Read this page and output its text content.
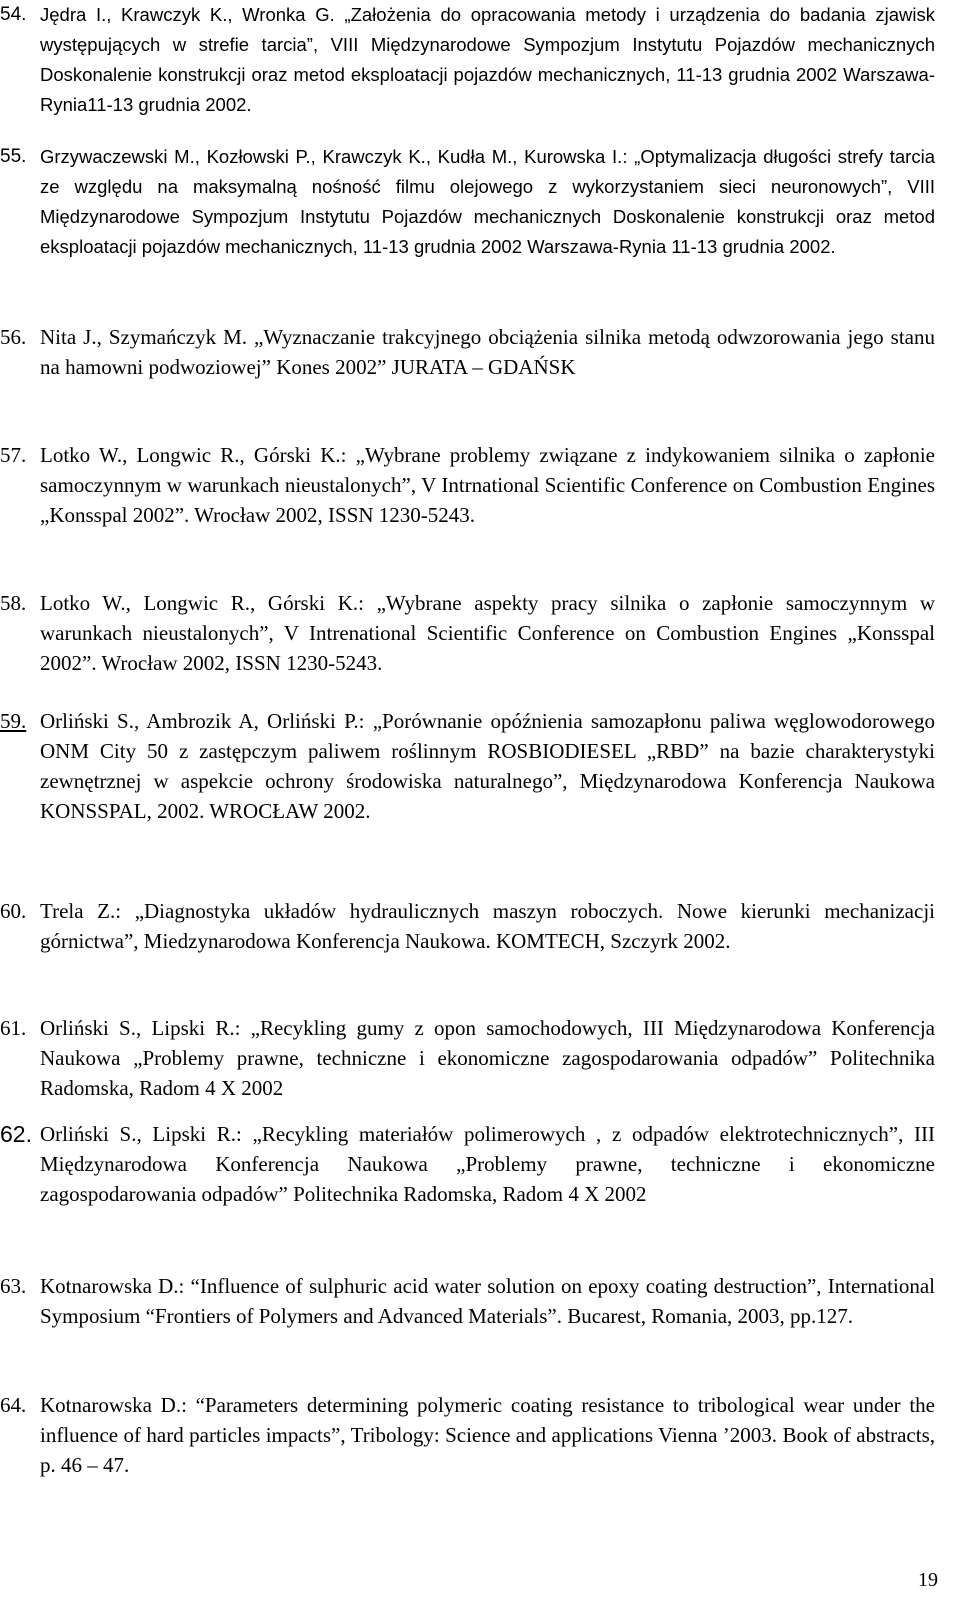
54. Jędra I., Krawczyk K., Wronka G. „Założenia do opracowania metody i urządzenia do badania zjawisk występujących w strefie tarcia”, VIII Międzynarodowe Sympozjum Instytutu Pojazdów mechanicznych Doskonalenie konstrukcji oraz metod eksploatacji pojazdów mechanicznych, 11-13 grudnia 2002 Warszawa-Rynia11-13 grudnia 2002.
55. Grzywaczewski M., Kozłowski P., Krawczyk K., Kudła M., Kurowska I.: „Optymalizacja długości strefy tarcia ze względu na maksymalną nośność filmu olejowego z wykorzystaniem sieci neuronowych”, VIII Międzynarodowe Sympozjum Instytutu Pojazdów mechanicznych Doskonalenie konstrukcji oraz metod eksploatacji pojazdów mechanicznych, 11-13 grudnia 2002 Warszawa-Rynia 11-13 grudnia 2002.
56. Nita J., Szymańczyk M. „Wyznaczanie trakcyjnego obciążenia silnika metodą odwzorowania jego stanu na hamowni podwoziowej” Kones 2002” JURATA – GDAŃSK
57. Lotko W., Longwic R., Górski K.: „Wybrane problemy związane z indykowaniem silnika o zapłonie samoczynnym w warunkach nieustalonych”, V Intrnational Scientific Conference on Combustion Engines „Konsspal 2002”. Wrocław 2002, ISSN 1230-5243.
58. Lotko W., Longwic R., Górski K.: „Wybrane aspekty pracy silnika o zapłonie samoczynnym w warunkach nieustalonych”, V Intrenational Scientific Conference on Combustion Engines „Konsspal 2002”. Wrocław 2002, ISSN 1230-5243.
59. Orliński S., Ambrozik A, Orliński P.: „Porównanie opóźnienia samozapłonu paliwa węglowodorowego ONM City 50 z zastępczym paliwem roślinnym ROSBIODIESEL „RBD” na bazie charakterystyki zewnętrznej w aspekcie ochrony środowiska naturalnego”, Międzynarodowa Konferencja Naukowa KONSSPAL, 2002. WROCŁAW 2002.
60. Trela Z.: „Diagnostyka układów hydraulicznych maszyn roboczych. Nowe kierunki mechanizacji górnictwa”, Miedzynarodowa Konferencja Naukowa. KOMTECH, Szczyrk 2002.
61. Orliński S., Lipski R.: „Recykling gumy z opon samochodowych, III Międzynarodowa Konferencja Naukowa „Problemy prawne, techniczne i ekonomiczne zagospodarowania odpadów” Politechnika Radomska, Radom 4 X 2002
62. Orliński S., Lipski R.: „Recykling materiałów polimerowych , z odpadów elektrotechnicznych”, III Międzynarodowa Konferencja Naukowa „Problemy prawne, techniczne i ekonomiczne zagospodarowania odpadów” Politechnika Radomska, Radom 4 X 2002
63. Kotnarowska D.: “Influence of sulphuric acid water solution on epoxy coating destruction”, International Symposium “Frontiers of Polymers and Advanced Materials”. Bucarest, Romania, 2003, pp.127.
64. Kotnarowska D.: “Parameters determining polymeric coating resistance to tribological wear under the influence of hard particles impacts”, Tribology: Science and applications Vienna ’2003. Book of abstracts, p. 46 – 47.
19
